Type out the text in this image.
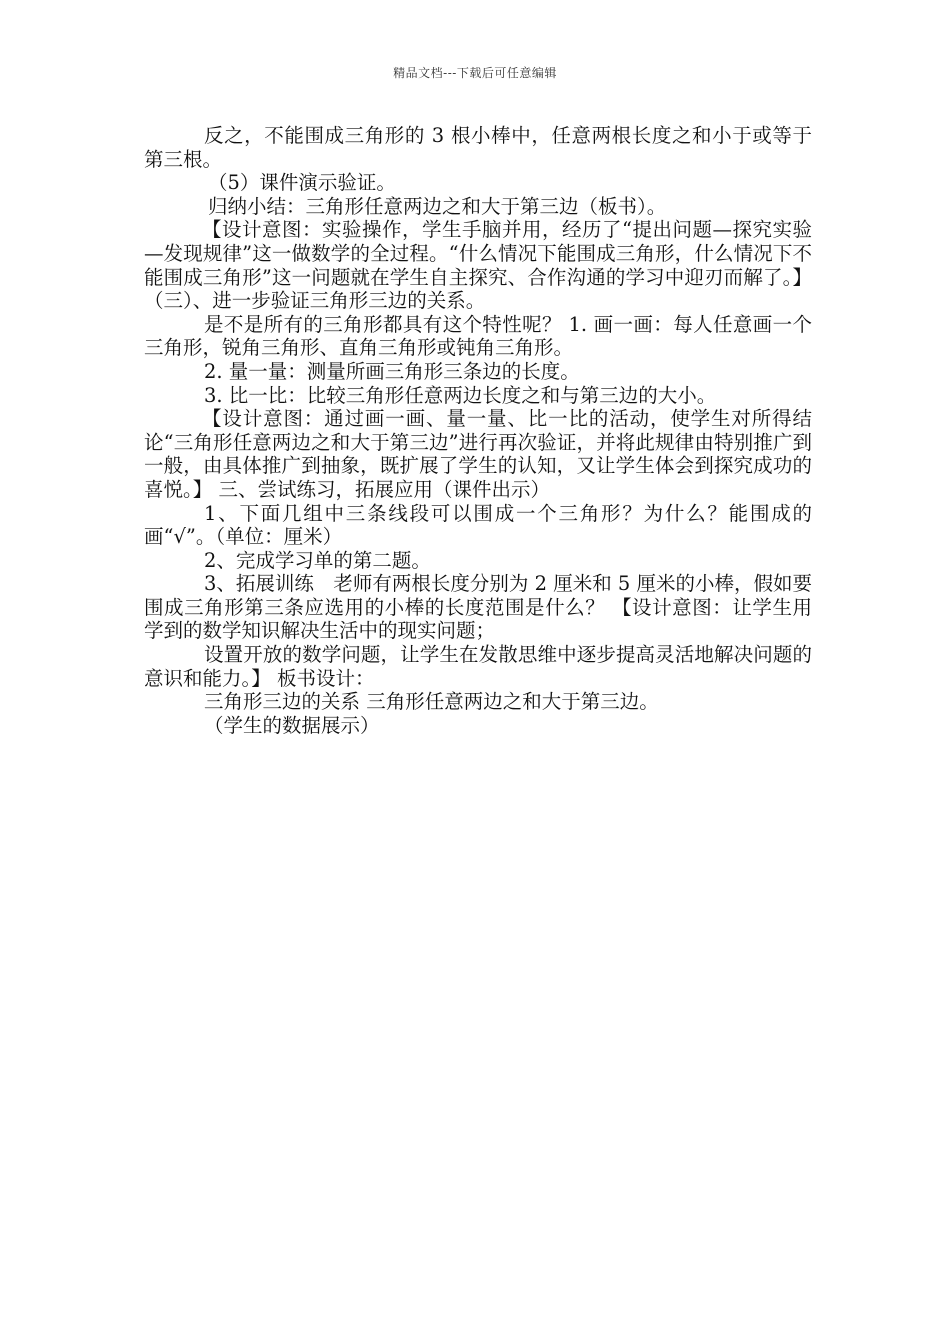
精品文档---下载后可任意编辑

反之，不能围成三角形的 3 根小棒中，任意两根长度之和小于或等于第三根。

（5）课件演示验证。

归纳小结：三角形任意两边之和大于第三边（板书）。

【设计意图：实验操作，学生手脑并用，经历了“提出问题—探究实验—发现规律”这一做数学的全过程。“什么情况下能围成三角形，什么情况下不能围成三角形”这一问题就在学生自主探究、合作沟通的学习中迎刃而解了。】 （三）、进一步验证三角形三边的关系。

是不是所有的三角形都具有这个特性呢？ 1. 画一画：每人任意画一个三角形，锐角三角形、直角三角形或钝角三角形。

2. 量一量：测量所画三角形三条边的长度。

3. 比一比：比较三角形任意两边长度之和与第三边的大小。

【设计意图：通过画一画、量一量、比一比的活动，使学生对所得结论“三角形任意两边之和大于第三边”进行再次验证，并将此规律由特别推广到一般，由具体推广到抽象，既扩展了学生的认知，又让学生体会到探究成功的喜悦。】 三、尝试练习，拓展应用（课件出示）

1、下面几组中三条线段可以围成一个三角形？为什么？能围成的画“√”。（单位：厘米）

2、完成学习单的第二题。

3、拓展训练　老师有两根长度分别为 2 厘米和 5 厘米的小棒，假如要围成三角形第三条应选用的小棒的长度范围是什么？ 【设计意图：让学生用学到的数学知识解决生活中的现实问题；

设置开放的数学问题，让学生在发散思维中逐步提高灵活地解决问题的意识和能力。】 板书设计：

三角形三边的关系 三角形任意两边之和大于第三边。

（学生的数据展示）
